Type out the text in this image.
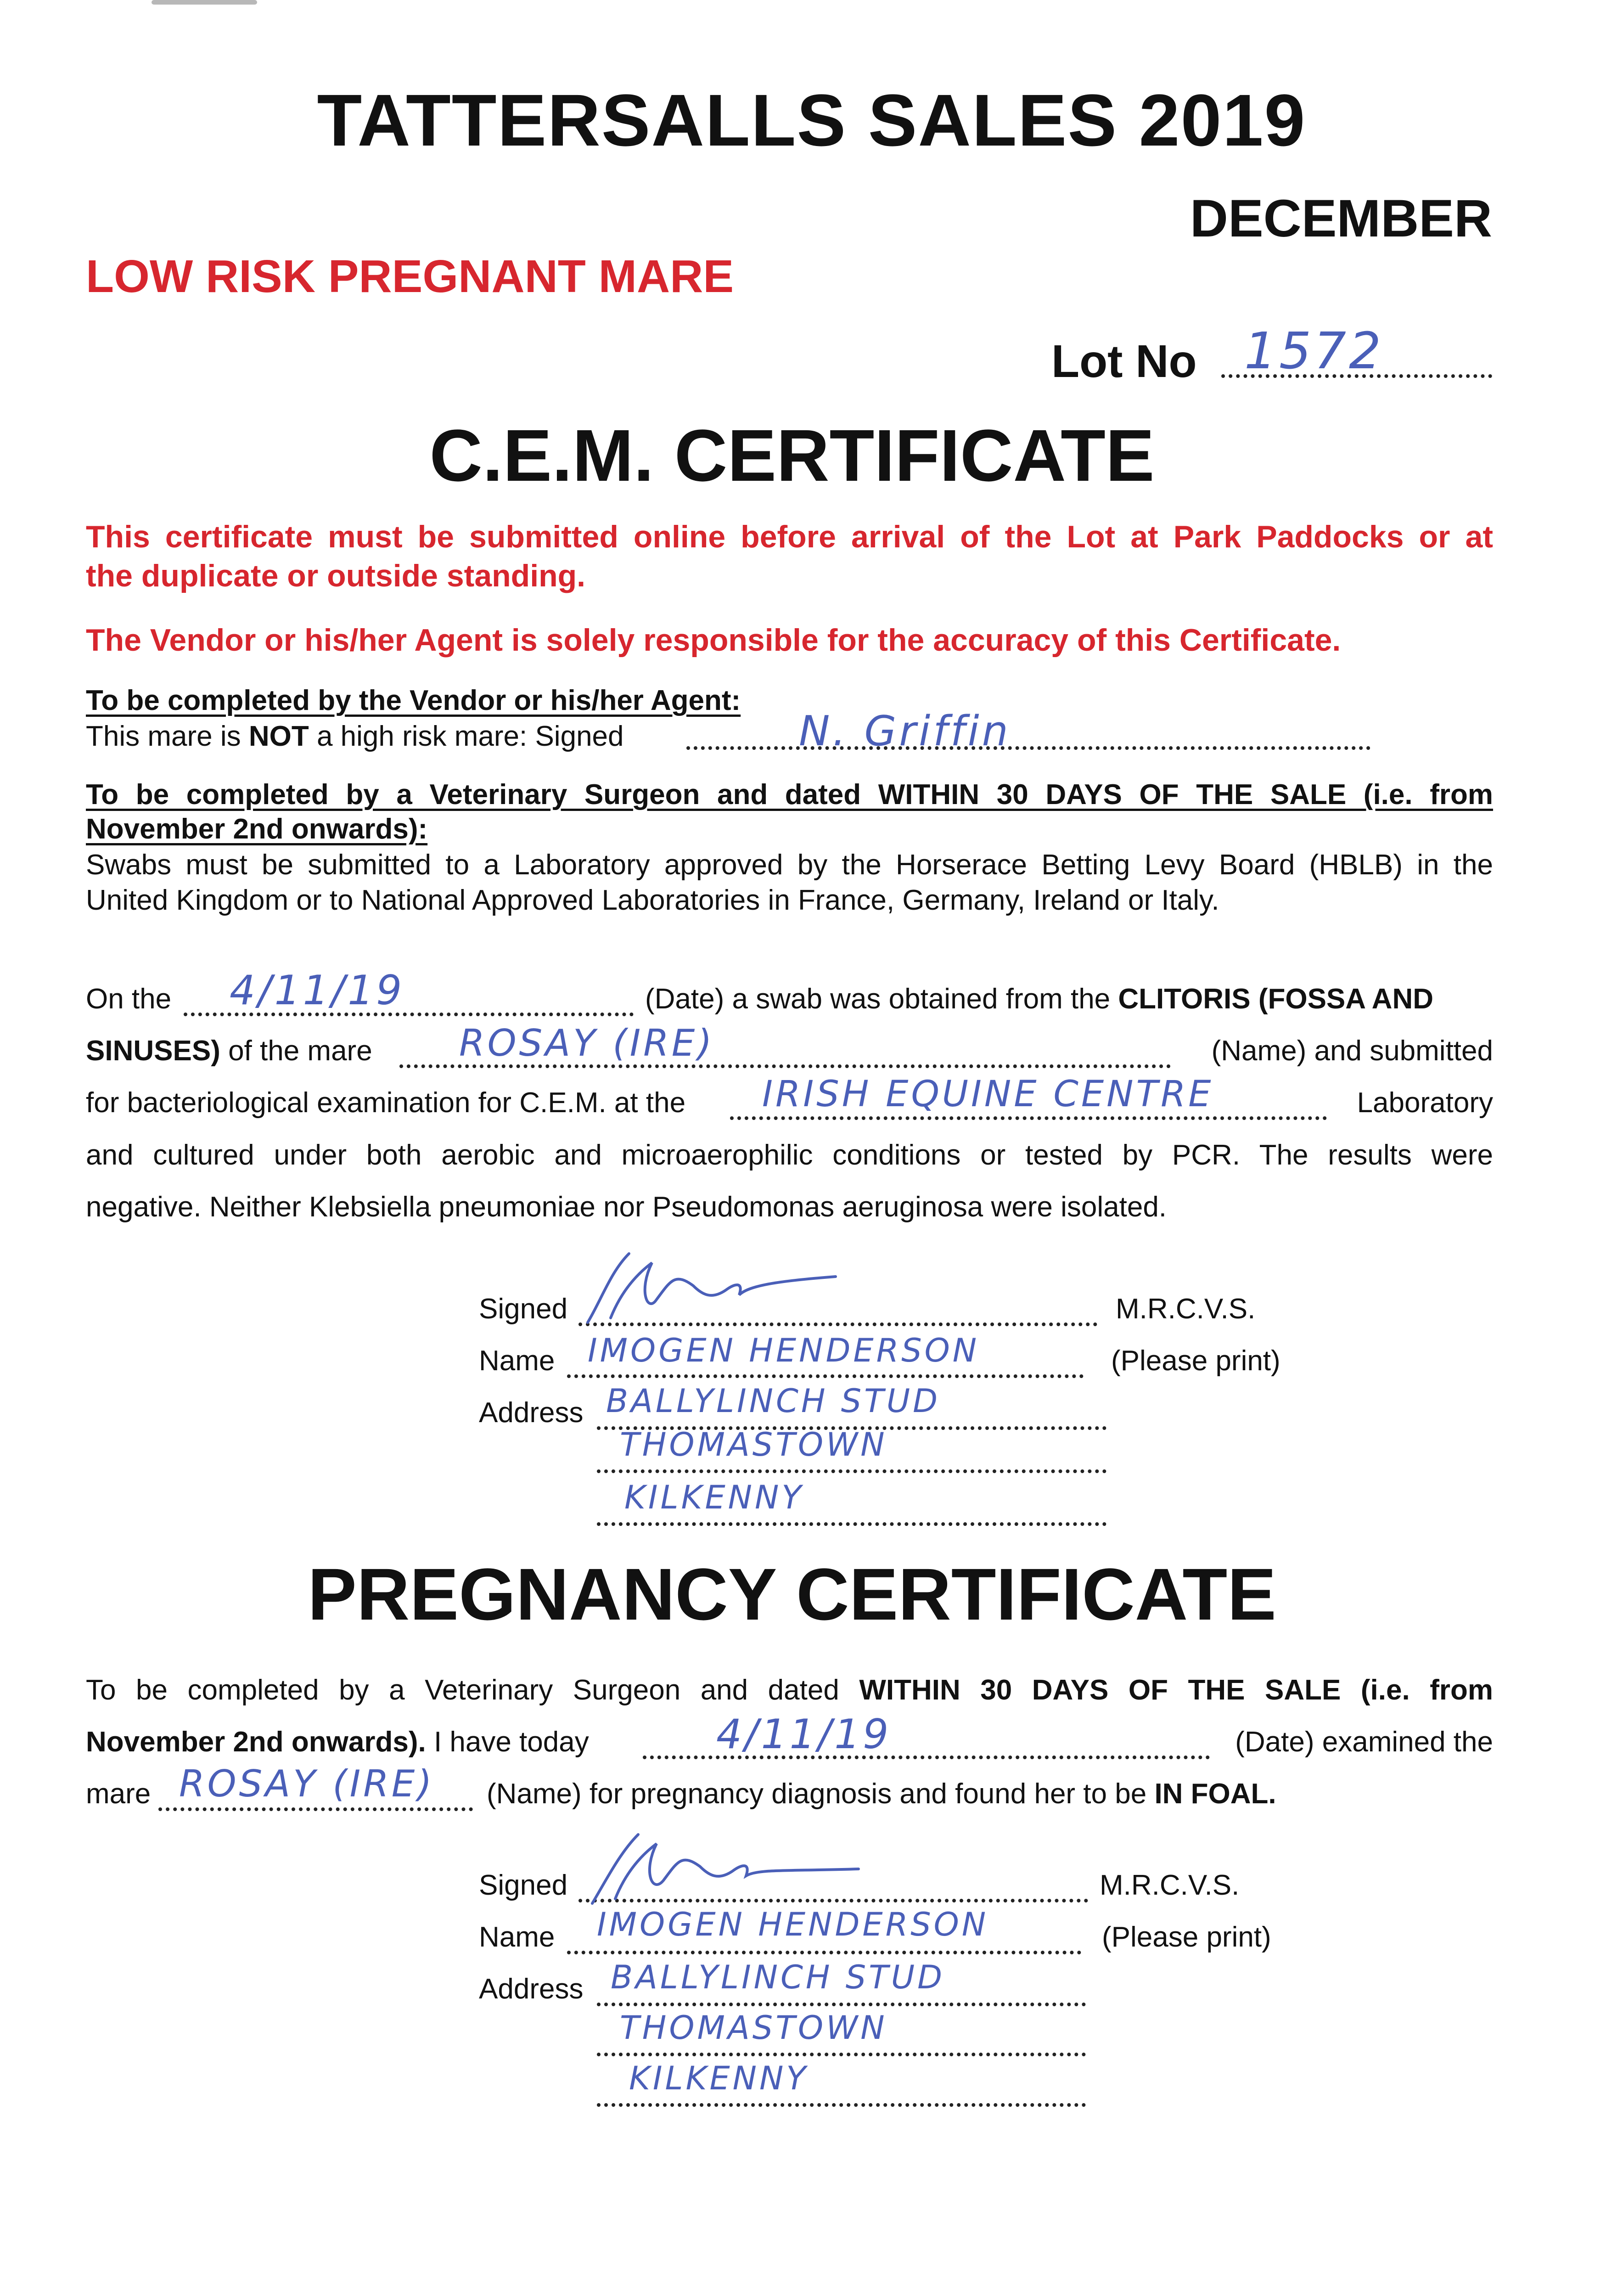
TATTERSALLS SALES 2019
DECEMBER
LOW RISK PREGNANT MARE
Lot No 1572
C.E.M. CERTIFICATE
This certificate must be submitted online before arrival of the Lot at Park Paddocks or at
the duplicate or outside standing.
The Vendor or his/her Agent is solely responsible for the accuracy of this Certificate.
To be completed by the Vendor or his/her Agent:
This mare is NOT a high risk mare: Signed	N. Griffin
To be completed by a Veterinary Surgeon and dated WITHIN 30 DAYS OF THE SALE (i.e. from
November 2nd onwards):
Swabs must be submitted to a Laboratory approved by the Horserace Betting Levy Board (HBLB) in the
United Kingdom or to National Approved Laboratories in France, Germany, Ireland or Italy.
On the 4/11/19	(Date) a swab was obtained from the CLITORIS (FOSSA AND
SINUSES) of the mare ROSAY (IRE)	(Name) and submitted
for bacteriological examination for C.E.M. at the IRISH EQUINE CENTRE	Laboratory
and cultured under both aerobic and microaerophilic conditions or tested by PCR. The results were
negative. Neither Klebsiella pneumoniae nor Pseudomonas aeruginosa were isolated.
Signed	M.R.C.V.S.
Name IMOGEN HENDERSON	(Please print)
Address BALLYLINCH STUD
THOMASTOWN
KILKENNY
PREGNANCY CERTIFICATE
To be completed by a Veterinary Surgeon and dated WITHIN 30 DAYS OF THE SALE (i.e. from
November 2nd onwards). I have today	4/11/19	(Date) examined the
mare ROSAY (IRE) (Name) for pregnancy diagnosis and found her to be IN FOAL.
Signed	M.R.C.V.S.
Name IMOGEN HENDERSON	(Please print)
Address BALLYLINCH STUD
THOMASTOWN
KILKENNY
